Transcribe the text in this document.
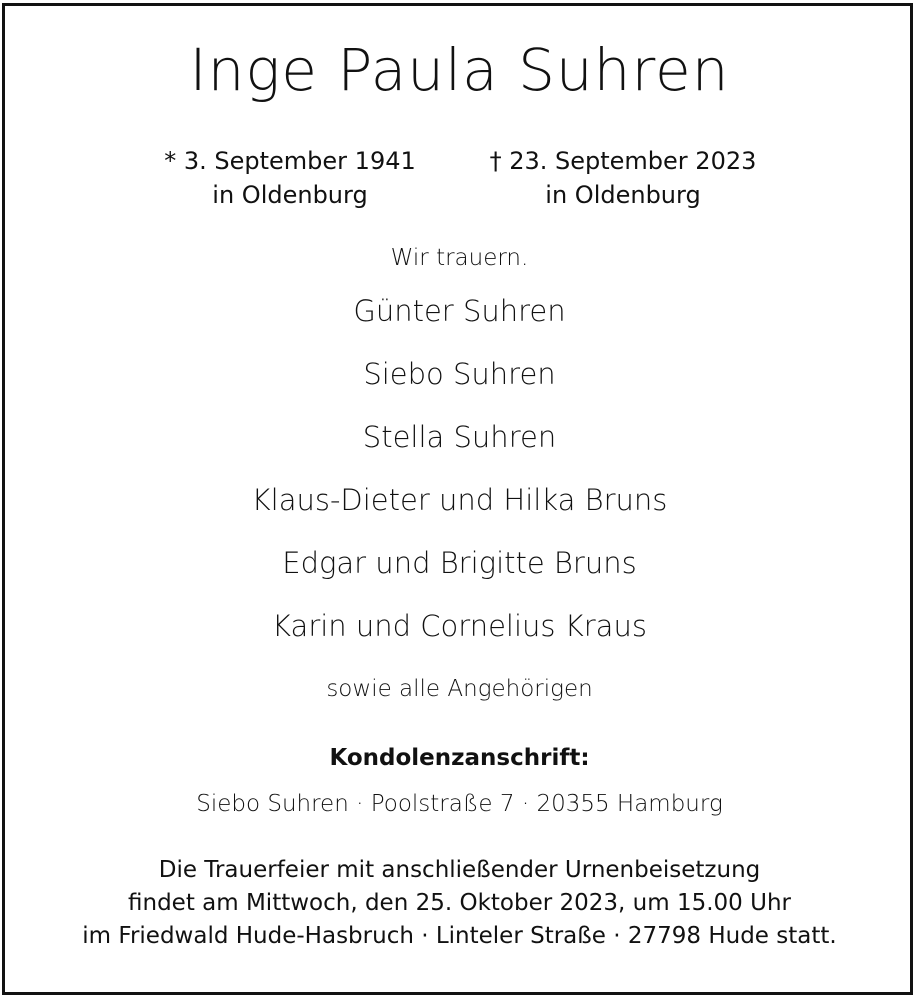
Inge Paula Suhren
* 3. September 1941
in Oldenburg
† 23. September 2023
in Oldenburg
Wir trauern.
Günter Suhren
Siebo Suhren
Stella Suhren
Klaus-Dieter und Hilka Bruns
Edgar und Brigitte Bruns
Karin und Cornelius Kraus
sowie alle Angehörigen
Kondolenzanschrift:
Siebo Suhren · Poolstraße 7 · 20355 Hamburg
Die Trauerfeier mit anschließender Urnenbeisetzung
findet am Mittwoch, den 25. Oktober 2023, um 15.00 Uhr
im Friedwald Hude-Hasbruch · Linteler Straße · 27798 Hude statt.
